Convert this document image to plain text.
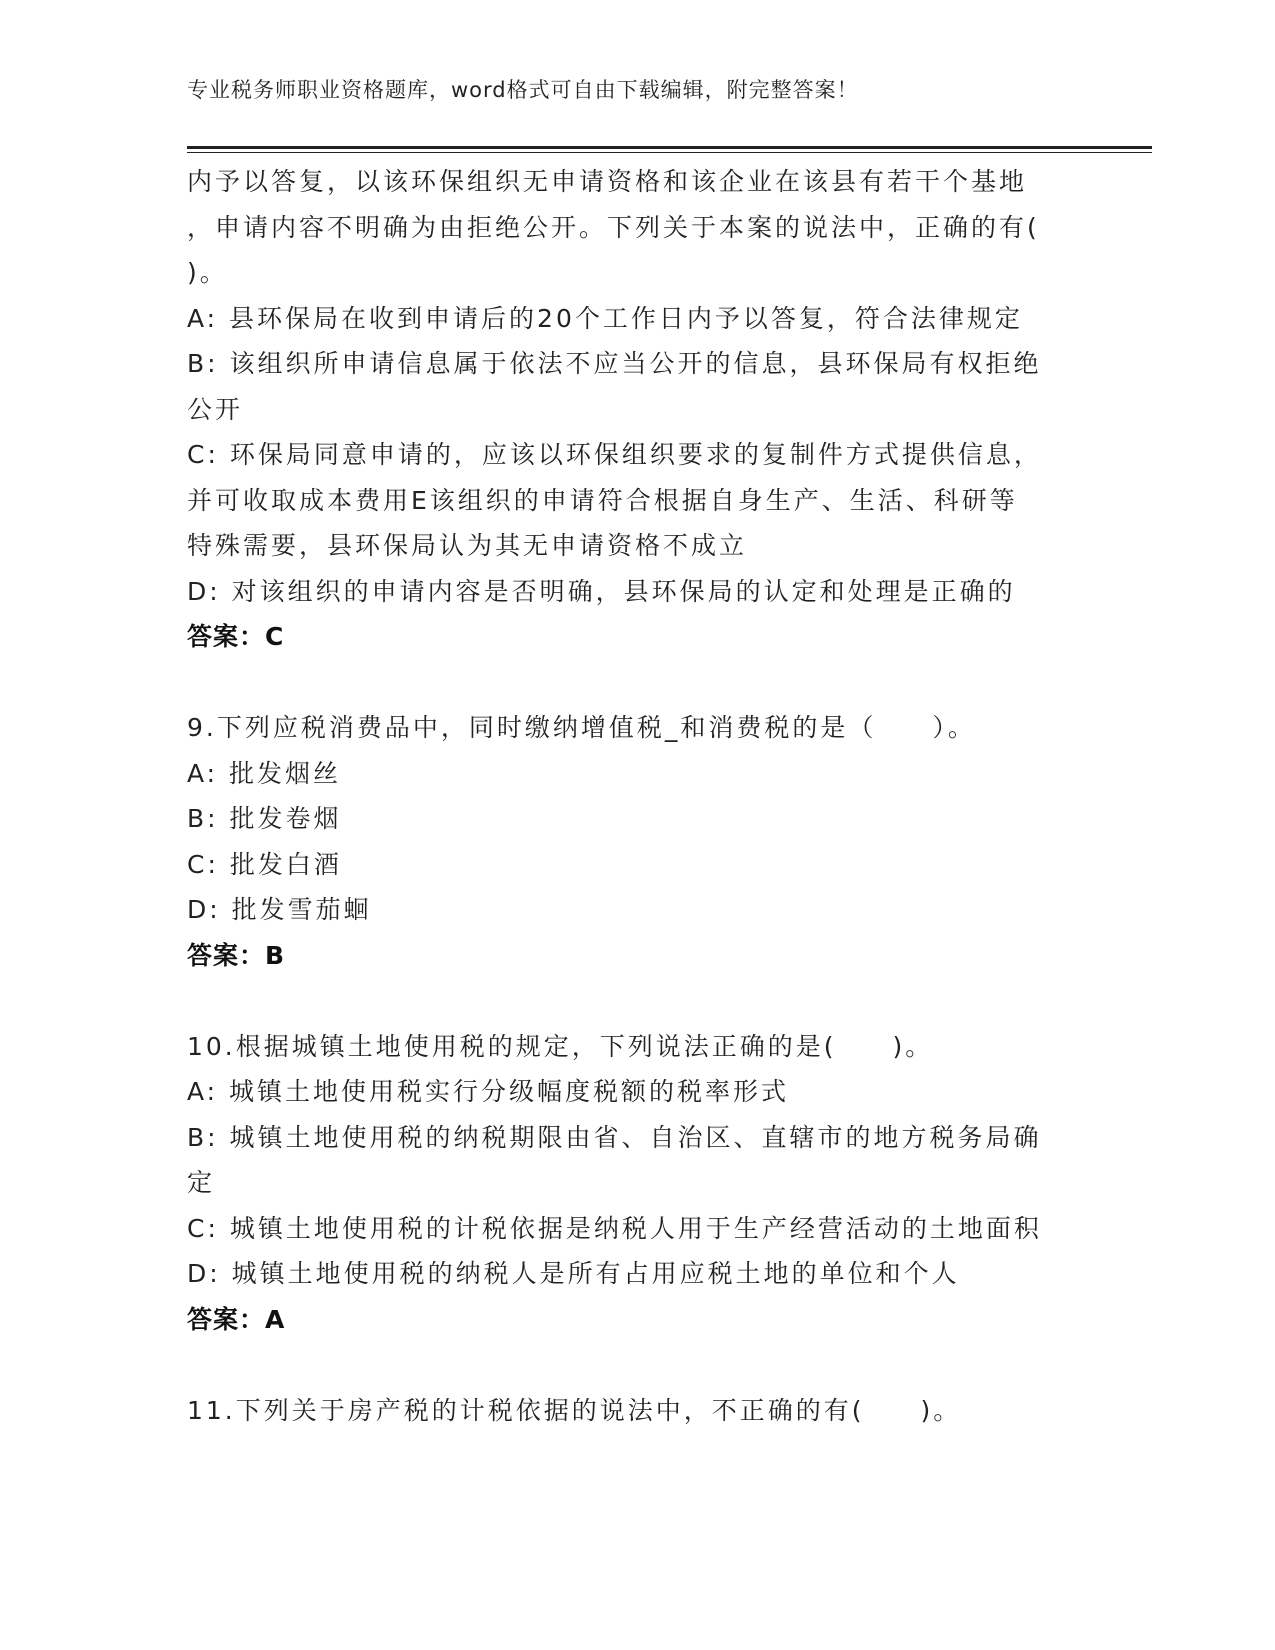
专业税务师职业资格题库，word格式可自由下载编辑，附完整答案！
内予以答复，以该环保组织无申请资格和该企业在该县有若干个基地
，申请内容不明确为由拒绝公开。下列关于本案的说法中，正确的有(
)。
A: 县环保局在收到申请后的20个工作日内予以答复，符合法律规定
B: 该组织所申请信息属于依法不应当公开的信息，县环保局有权拒绝
公开
C: 环保局同意申请的，应该以环保组织要求的复制件方式提供信息，
并可收取成本费用E该组织的申请符合根据自身生产、生活、科研等
特殊需要，县环保局认为其无申请资格不成立
D: 对该组织的申请内容是否明确，县环保局的认定和处理是正确的
答案：C
9.下列应税消费品中，同时缴纳增值税_和消费税的是（　　）。
A: 批发烟丝
B: 批发卷烟
C: 批发白酒
D: 批发雪茄蛔
答案：B
10.根据城镇土地使用税的规定，下列说法正确的是(　　)。
A: 城镇土地使用税实行分级幅度税额的税率形式
B: 城镇土地使用税的纳税期限由省、自治区、直辖市的地方税务局确
定
C: 城镇土地使用税的计税依据是纳税人用于生产经营活动的土地面积
D: 城镇土地使用税的纳税人是所有占用应税土地的单位和个人
答案：A
11.下列关于房产税的计税依据的说法中，不正确的有(　　)。
